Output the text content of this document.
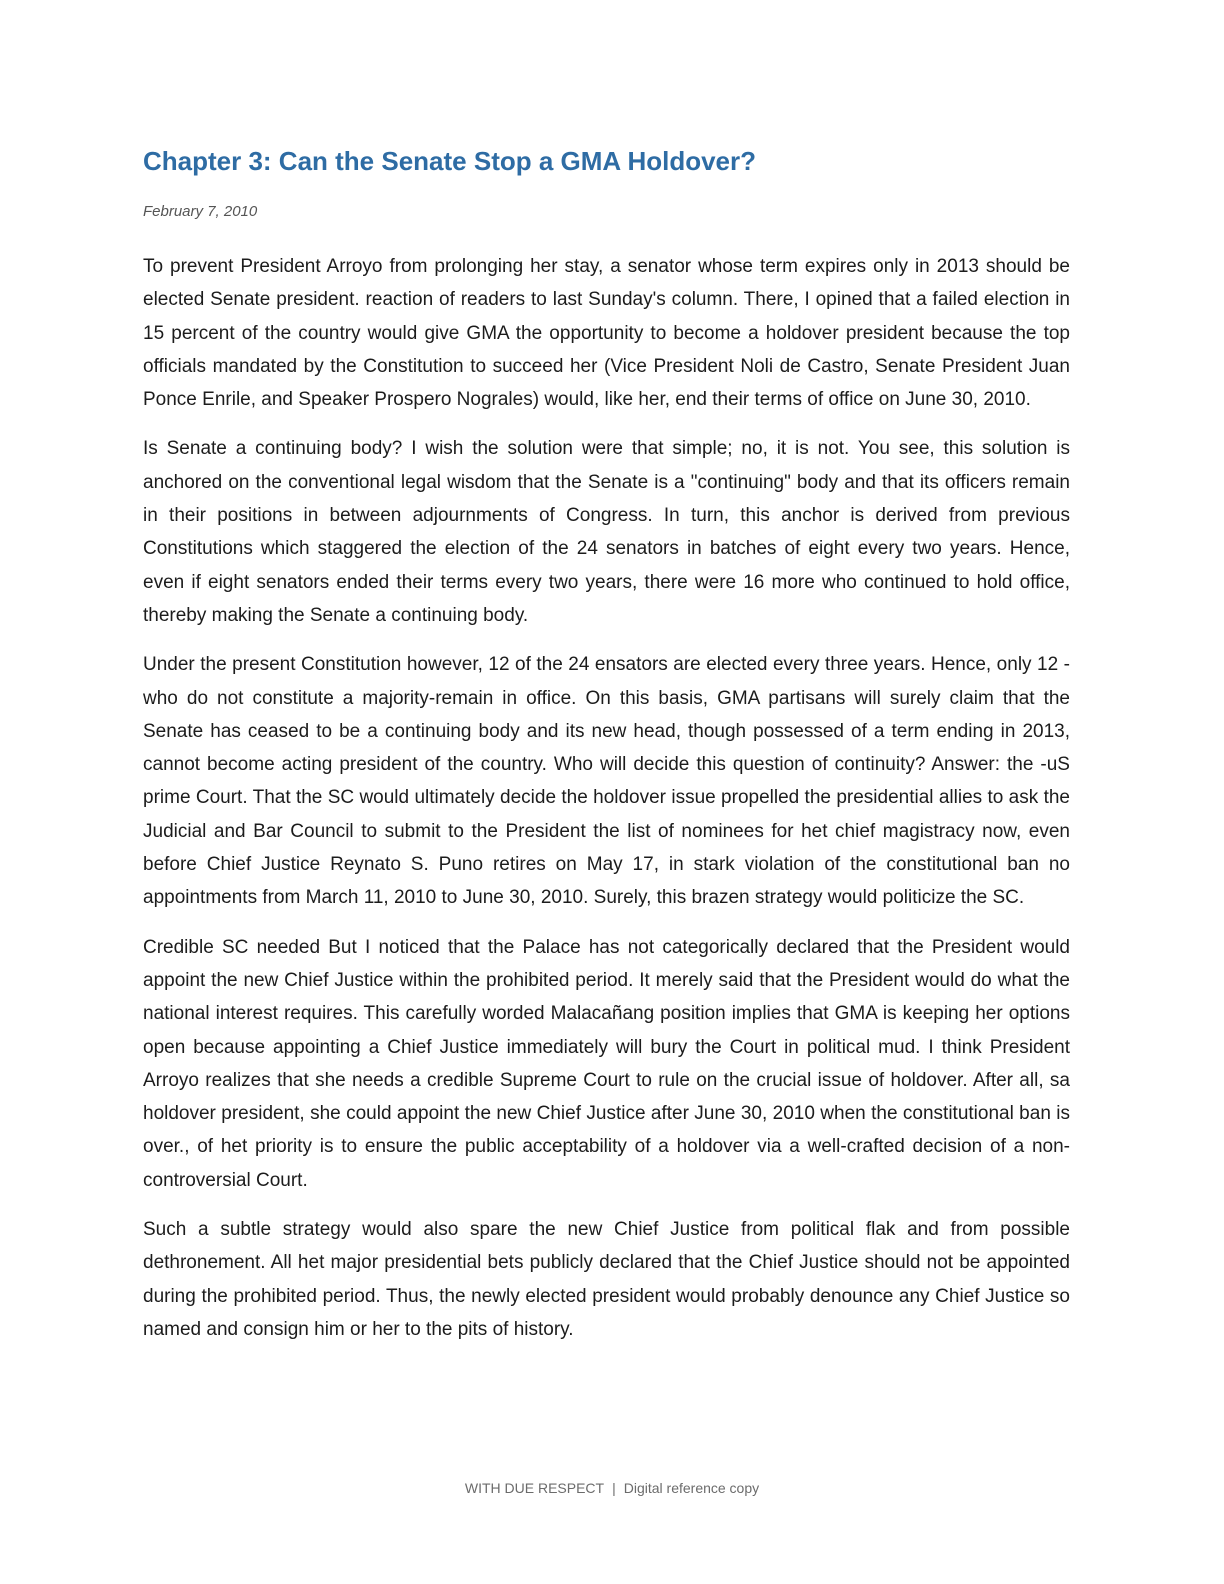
Chapter 3: Can the Senate Stop a GMA Holdover?
February 7, 2010

To prevent President Arroyo from prolonging her stay, a senator whose term expires only in 2013 should be elected Senate president. reaction of readers to last Sunday's column. There, I opined that a failed election in 15 percent of the country would give GMA the opportunity to become a holdover president because the top officials mandated by the Constitution to succeed her (Vice President Noli de Castro, Senate President Juan Ponce Enrile, and Speaker Prospero Nograles) would, like her, end their terms of office on June 30, 2010.

Is Senate a continuing body? I wish the solution were that simple; no, it is not. You see, this solution is anchored on the conventional legal wisdom that the Senate is a "continuing" body and that its officers remain in their positions in between adjournments of Congress. In turn, this anchor is derived from previous Constitutions which staggered the election of the 24 senators in batches of eight every two years. Hence, even if eight senators ended their terms every two years, there were 16 more who continued to hold office, thereby making the Senate a continuing body.

Under the present Constitution however, 12 of the 24 ensators are elected every three years. Hence, only 12 - who do not constitute a majority-remain in office. On this basis, GMA partisans will surely claim that the Senate has ceased to be a continuing body and its new head, though possessed of a term ending in 2013, cannot become acting president of the country. Who will decide this question of continuity? Answer: the -uS prime Court. That the SC would ultimately decide the holdover issue propelled the presidential allies to ask the Judicial and Bar Council to submit to the President the list of nominees for het chief magistracy now, even before Chief Justice Reynato S. Puno retires on May 17, in stark violation of the constitutional ban no appointments from March 11, 2010 to June 30, 2010. Surely, this brazen strategy would politicize the SC.

Credible SC needed But I noticed that the Palace has not categorically declared that the President would appoint the new Chief Justice within the prohibited period. It merely said that the President would do what the national interest requires. This carefully worded Malacañang position implies that GMA is keeping her options open because appointing a Chief Justice immediately will bury the Court in political mud. I think President Arroyo realizes that she needs a credible Supreme Court to rule on the crucial issue of holdover. After all, sa holdover president, she could appoint the new Chief Justice after June 30, 2010 when the constitutional ban is over., of het priority is to ensure the public acceptability of a holdover via a well-crafted decision of a non-controversial Court.

Such a subtle strategy would also spare the new Chief Justice from political flak and from possible dethronement. All het major presidential bets publicly declared that the Chief Justice should not be appointed during the prohibited period. Thus, the newly elected president would probably denounce any Chief Justice so named and consign him or her to the pits of history.

WITH DUE RESPECT | Digital reference copy
